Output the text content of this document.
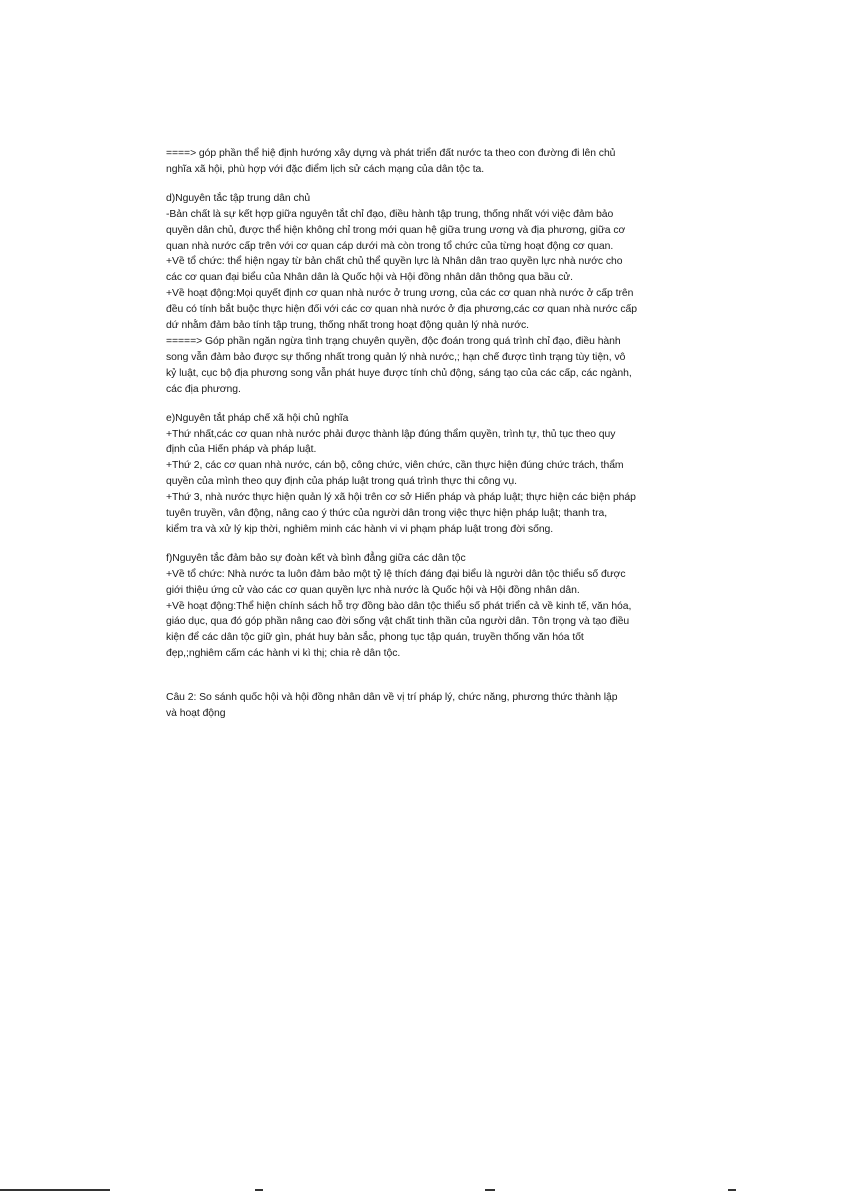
====> góp phần thể hiệ định hướng xây dựng và phát triển đất nước ta theo con đường đi lên chủ

nghĩa xã hội, phù hợp với đặc điểm lịch sử cách mạng của dân tộc ta.

d)Nguyên tắc tập trung dân chủ

-Bản chất là sự kết hợp giữa nguyên tắt chỉ đạo, điều hành tập trung, thống nhất với việc đảm bảo

quyền dân chủ, được thể hiện không chỉ trong mới quan hệ giữa trung ương và địa phương, giữa cơ

quan nhà nước cấp trên với cơ quan cáp dưới mà còn trong tổ chức của từng hoạt động cơ quan.

+Về tổ chức: thể hiện ngay từ bản chất chủ thể quyền lực là Nhân dân trao quyền lực nhà nước cho

các cơ quan đại biểu của Nhân dân là Quốc hội và Hội đồng nhân dân thông qua bầu cử.

+Về hoạt động:Mọi quyết định cơ quan nhà nước ở trung ương, của các cơ quan nhà nước ở cấp trên

đều có tính bắt buộc thực hiện đối với các cơ quan nhà nước ở địa phương,các cơ quan nhà nước cấp

dứ nhằm đảm bảo tính tập trung, thống nhất trong hoạt động quản lý nhà nước.

=====> Góp phần ngăn ngừa tình trạng chuyên quyền, độc đoán trong quá trình chỉ đạo, điều hành

song vẫn đảm bảo được sự thống nhất trong quản lý nhà nước,; hạn chế được tình trạng tùy tiện, vô

kỷ luật, cục bộ địa phương song vẫn phát huye được tính chủ động, sáng tạo của các cấp, các ngành,

các địa phương.

e)Nguyên tắt pháp chế xã hội chủ nghĩa

+Thứ nhất,các cơ quan nhà nước phải được thành lập đúng thẩm quyền, trình tự, thủ tục theo quy

định của Hiến pháp và pháp luật.

+Thứ 2, các cơ quan nhà nước, cán bộ, công chức, viên chức, cần thực hiện đúng chức trách, thẩm

quyền của mình theo quy định của pháp luật trong quá trình thực thi công vụ.

+Thứ 3, nhà nước thực hiện quản lý xã hội trên cơ sở Hiến pháp và pháp luật; thực hiện các biện pháp

tuyên truyền, vân động, nâng cao ý thức của người dân trong việc thực hiện pháp luật; thanh tra,

kiểm tra và xử lý kịp thời, nghiêm minh các hành vi vi phạm pháp luật trong đời sống.

f)Nguyên tắc đảm bảo sự đoàn kết và bình đẳng giữa các dân tộc

+Về tổ chức: Nhà nước ta luôn đảm bảo một tỷ lệ thích đáng đại biểu là người dân tộc thiểu số được

giới thiệu ứng cử vào các cơ quan quyền lực nhà nước là Quốc hội và Hội đồng nhân dân.

+Về hoạt động:Thể hiện chính sách hỗ trợ đồng bào dân tộc thiểu số phát triển cả về kinh tế, văn hóa,

giáo dục, qua đó góp phần nâng cao đời sống vật chất tinh thần của người dân. Tôn trọng và tạo điều

kiện để các dân tộc giữ gìn, phát huy bản sắc, phong tục tập quán, truyền thống văn hóa tốt

đẹp,;nghiêm cấm các hành vi kì thị; chia rẻ dân tộc.

Câu 2: So sánh quốc hội và hội đồng nhân dân về vị trí pháp lý, chức năng, phương thức thành lập

và hoạt động
